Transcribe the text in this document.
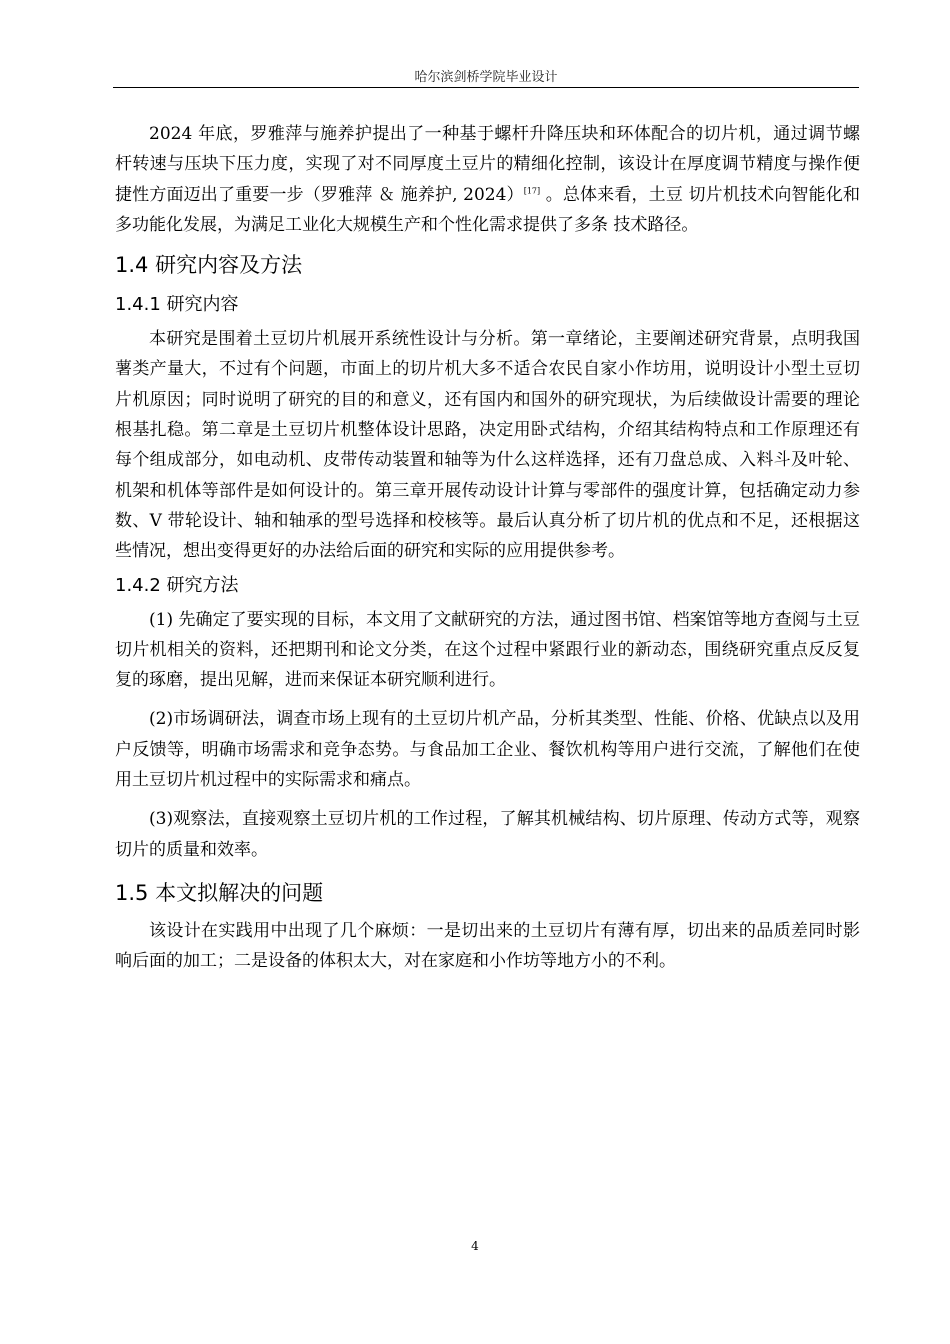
哈尔滨剑桥学院毕业设计

2024 年底，罗雅萍与施养护提出了一种基于螺杆升降压块和环体配合的切片机，通过调节螺杆转速与压块下压力度，实现了对不同厚度土豆片的精细化控制，该设计在厚度调节精度与操作便捷性方面迈出了重要一步（罗雅萍 ＆ 施养护, 2024）[17] 。总体来看，土豆 切片机技术向智能化和多功能化发展，为满足工业化大规模生产和个性化需求提供了多条 技术路径。

1.4 研究内容及方法
1.4.1 研究内容

本研究是围着土豆切片机展开系统性设计与分析。第一章绪论，主要阐述研究背景，点明我国薯类产量大，不过有个问题，市面上的切片机大多不适合农民自家小作坊用，说明设计小型土豆切片机原因；同时说明了研究的目的和意义，还有国内和国外的研究现状，为后续做设计需要的理论根基扎稳。第二章是土豆切片机整体设计思路，决定用卧式结构，介绍其结构特点和工作原理还有每个组成部分，如电动机、皮带传动装置和轴等为什么这样选择，还有刀盘总成、入料斗及叶轮、机架和机体等部件是如何设计的。第三章开展传动设计计算与零部件的强度计算，包括确定动力参数、V 带轮设计、轴和轴承的型号选择和校核等。最后认真分析了切片机的优点和不足，还根据这些情况，想出变得更好的办法给后面的研究和实际的应用提供参考。

1.4.2 研究方法

(1) 先确定了要实现的目标，本文用了文献研究的方法，通过图书馆、档案馆等地方查阅与土豆切片机相关的资料，还把期刊和论文分类，在这个过程中紧跟行业的新动态，围绕研究重点反反复复的琢磨，提出见解，进而来保证本研究顺利进行。

(2)市场调研法，调查市场上现有的土豆切片机产品，分析其类型、性能、价格、优缺点以及用户反馈等，明确市场需求和竞争态势。与食品加工企业、餐饮机构等用户进行交流，了解他们在使用土豆切片机过程中的实际需求和痛点。

(3)观察法，直接观察土豆切片机的工作过程，了解其机械结构、切片原理、传动方式等，观察切片的质量和效率。

1.5 本文拟解决的问题

该设计在实践用中出现了几个麻烦：一是切出来的土豆切片有薄有厚，切出来的品质差同时影响后面的加工；二是设备的体积太大，对在家庭和小作坊等地方小的不利。

4
